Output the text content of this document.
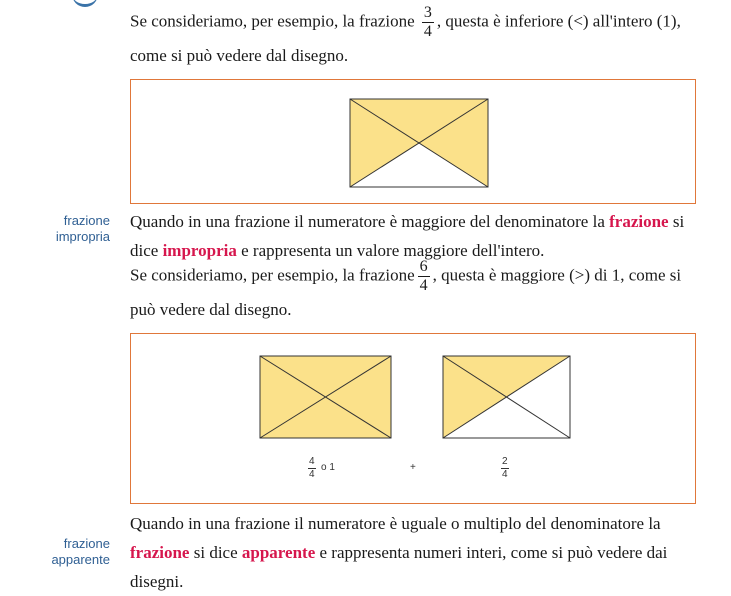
Se consideriamo, per esempio, la frazione $\frac{3}{4}$ , questa è inferiore (<) all'intero (1), come si può vedere dal disegno.

frazione
impropria

Quando in una frazione il numeratore è maggiore del denominatore la frazione si dice impropria e rappresenta un valore maggiore dell'intero.

Se consideriamo, per esempio, la frazione $\frac{6}{4}$ , questa è maggiore (>) di 1, come si può vedere dal disegno.

$\frac{4}{4}$ o 1	+	$\frac{2}{4}$

frazione
apparente

Quando in una frazione il numeratore è uguale o multiplo del denominatore la frazione si dice apparente e rappresenta numeri interi, come si può vedere dai disegni.
